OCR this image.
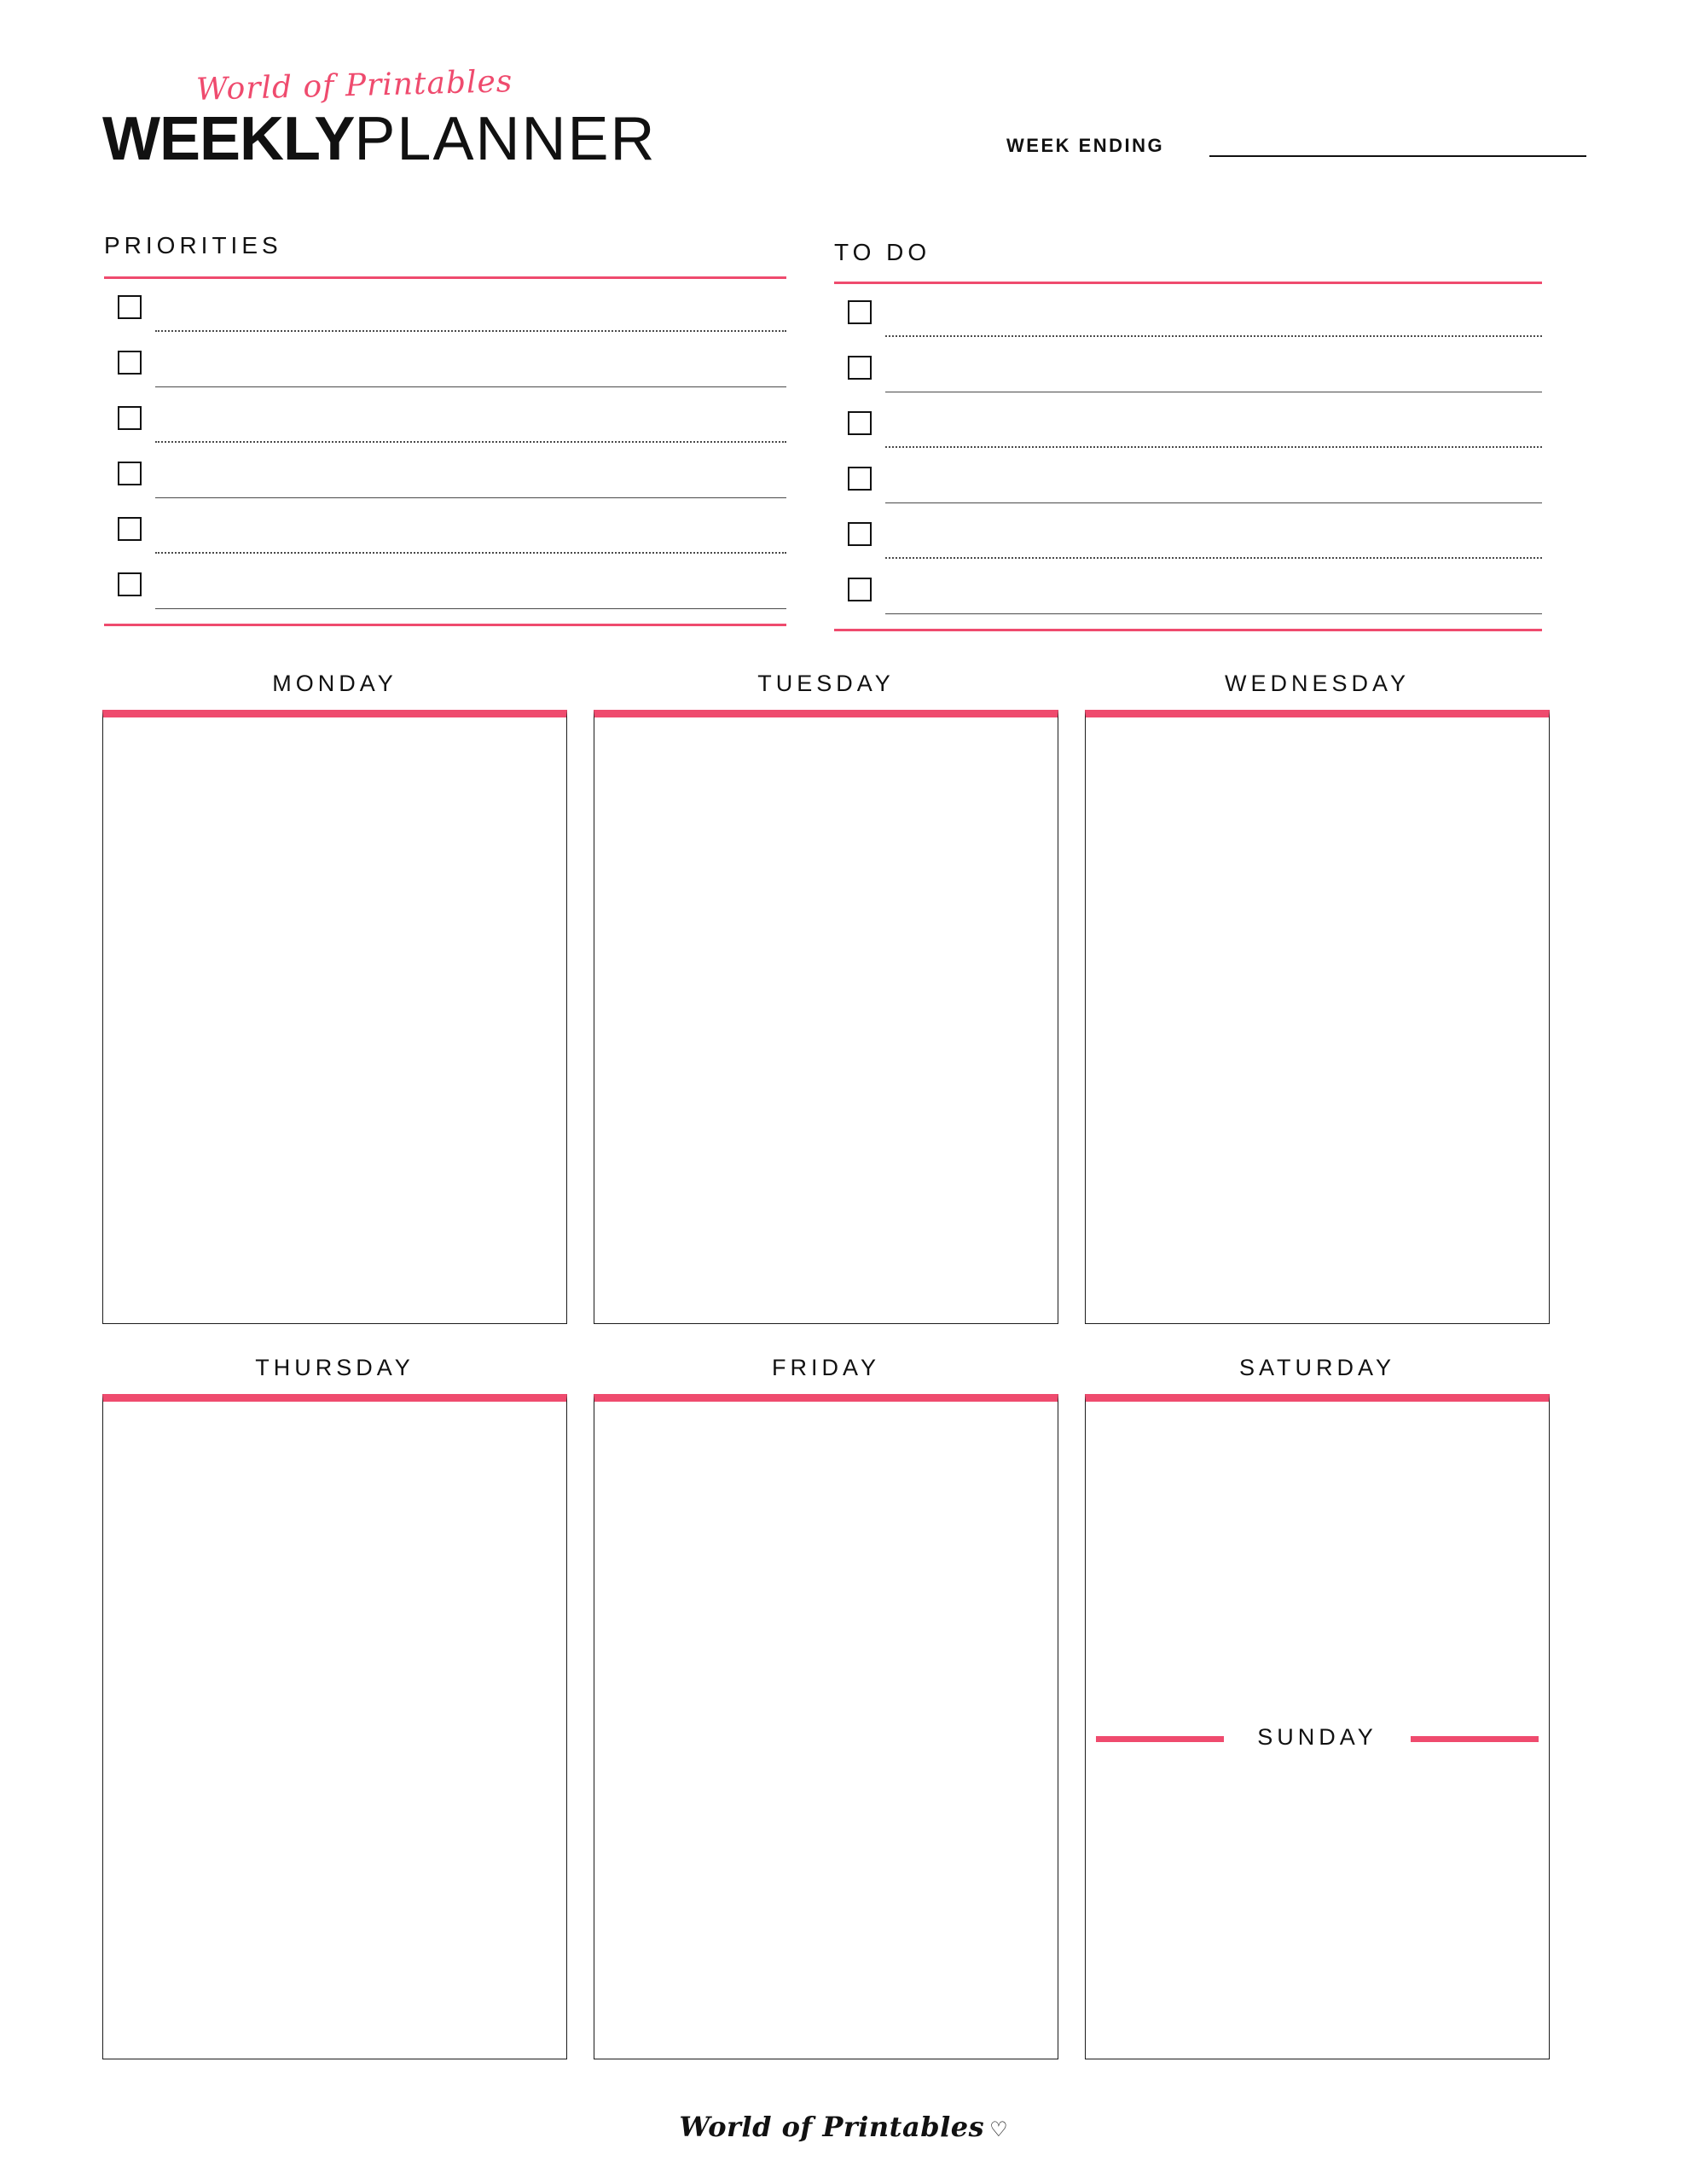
World of Printables
WEEKLYPLANNER	WEEK ENDING
PRIORITIES	TO DO
MONDAY	TUESDAY	WEDNESDAY
THURSDAY	FRIDAY	SATURDAY
SUNDAY
World of Printables ♡
